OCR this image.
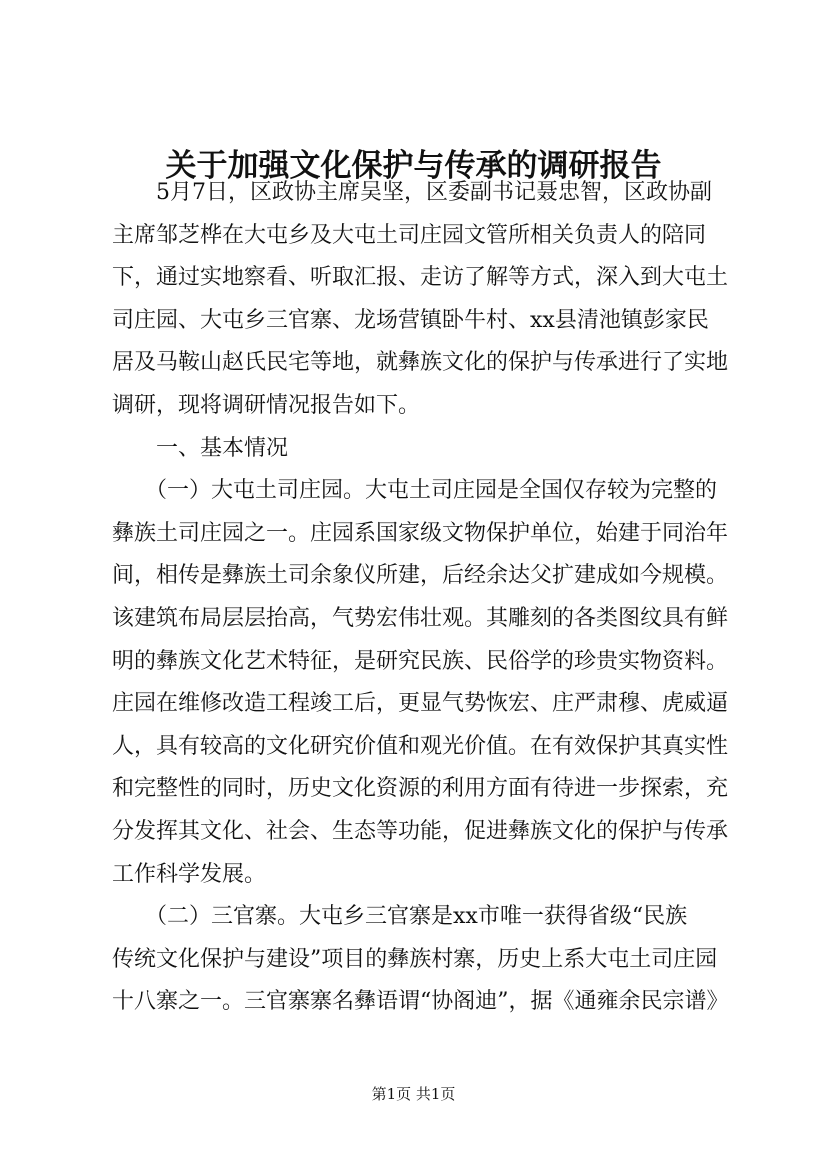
关于加强文化保护与传承的调研报告
　　5月7日，区政协主席吴坚，区委副书记聂忠智，区政协副
主席邹芝桦在大屯乡及大屯土司庄园文管所相关负责人的陪同
下，通过实地察看、听取汇报、走访了解等方式，深入到大屯土
司庄园、大屯乡三官寨、龙场营镇卧牛村、xx县清池镇彭家民
居及马鞍山赵氏民宅等地，就彝族文化的保护与传承进行了实地
调研，现将调研情况报告如下。
　　一、基本情况
　　（一）大屯土司庄园。大屯土司庄园是全国仅存较为完整的
彝族土司庄园之一。庄园系国家级文物保护单位，始建于同治年
间，相传是彝族土司余象仪所建，后经余达父扩建成如今规模。
该建筑布局层层抬高，气势宏伟壮观。其雕刻的各类图纹具有鲜
明的彝族文化艺术特征，是研究民族、民俗学的珍贵实物资料。
庄园在维修改造工程竣工后，更显气势恢宏、庄严肃穆、虎威逼
人，具有较高的文化研究价值和观光价值。在有效保护其真实性
和完整性的同时，历史文化资源的利用方面有待进一步探索，充
分发挥其文化、社会、生态等功能，促进彝族文化的保护与传承
工作科学发展。
　　（二）三官寨。大屯乡三官寨是xx市唯一获得省级“民族
传统文化保护与建设”项目的彝族村寨，历史上系大屯土司庄园
十八寨之一。三官寨寨名彝语谓“协阁迪”，据《通雍余民宗谱》
第1页 共1页
